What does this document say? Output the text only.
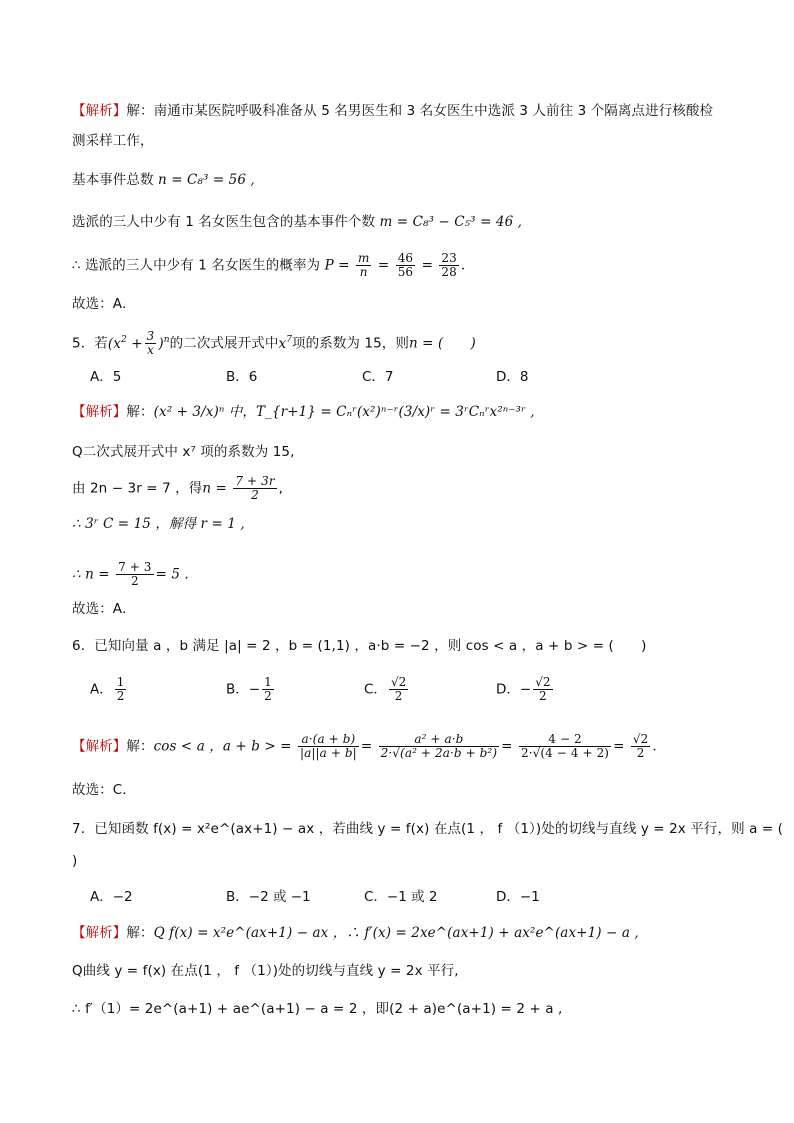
【解析】解：南通市某医院呼吸科准备从 5 名男医生和 3 名女医生中选派 3 人前往 3 个隔离点进行核酸检
测采样工作，
基本事件总数 n = C₈³ = 56 ,
选派的三人中少有 1 名女医生包含的基本事件个数 m = C₈³ − C₅³ = 46 ,
∴ 选派的三人中少有 1 名女医生的概率为 $P = \frac{m}{n} = \frac{46}{56} = \frac{23}{28}$ .
故选：A．
5．若$(x^2 + \frac{3}{x} )^n$的二次式展开式中$x^7$项的系数为 15，则n = (　　)
A．5	B．6	C．7	D．8
【解析】解：(x² + 3/x)ⁿ 中，T_{r+1} = Cₙʳ(x²)ⁿ⁻ʳ(3/x)ʳ = 3ʳCₙʳx²ⁿ⁻³ʳ ,
Q二次式展开式中 x⁷ 项的系数为 15,
由 2n − 3r = 7 ，得$n = \frac{7 + 3r}{2}$ ,
∴ 3ʳ C = 15 ，解得 r = 1 ,
∴ $n = \frac{7 + 3}{2} = 5$ .
故选：A．
6．已知向量 a ，b 满足 |a| = 2 ，b = (1,1) ，a·b = −2 ，则 cos < a ，a + b > = (　　)
A． $\frac{1}{2}$	B．− $\frac{1}{2}$	C． $\frac{√2}{2}$	D．− $\frac{√2}{2}$
【解析】解：cos < a ，a + b > = $\frac{a\cdot(a + b)}{|a||a + b|} = \frac{\text{a² + a·b}}{\text{2·√(a² + 2a·b + b²)}} = \frac{4 - 2}{2\cdot√(4 - 4 + 2)} = \frac{√2}{2}$ .
故选：C．
7．已知函数 f(x) = x²e^(ax+1) − ax ，若曲线 y = f(x) 在点(1 ， f （1）)处的切线与直线 y = 2x 平行，则 a = (
)
A．−2	B．−2 或 −1	C．−1 或 2	D．−1
【解析】解：Q f(x) = x²e^(ax+1) − ax ，∴ f′(x) = 2xe^(ax+1) + ax²e^(ax+1) − a ,
Q曲线 y = f(x) 在点(1 ， f （1）)处的切线与直线 y = 2x 平行,
∴ f′（1）= 2e^(a+1) + ae^(a+1) − a = 2 ，即(2 + a)e^(a+1) = 2 + a ,
